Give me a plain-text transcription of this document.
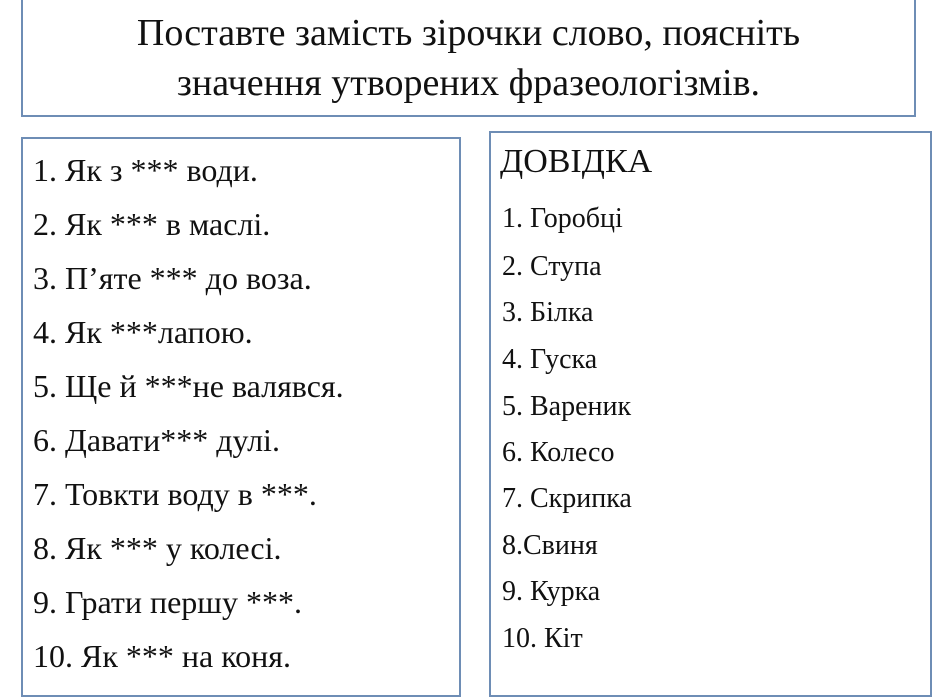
Поставте замість зірочки слово, поясніть
значення утворених фразеологізмів.
1. Як з *** води.
2. Як *** в маслі.
3. П’яте *** до воза.
4. Як ***лапою.
5. Ще й ***не валявся.
6. Давати*** дулі.
7. Товкти воду в ***.
8. Як *** у колесі.
9. Грати першу ***.
10. Як *** на коня.
ДОВІДКА
1. Горобці
2. Ступа
3. Білка
4. Гуска
5. Вареник
6. Колесо
7. Скрипка
8.Свиня
9. Курка
10. Кіт
